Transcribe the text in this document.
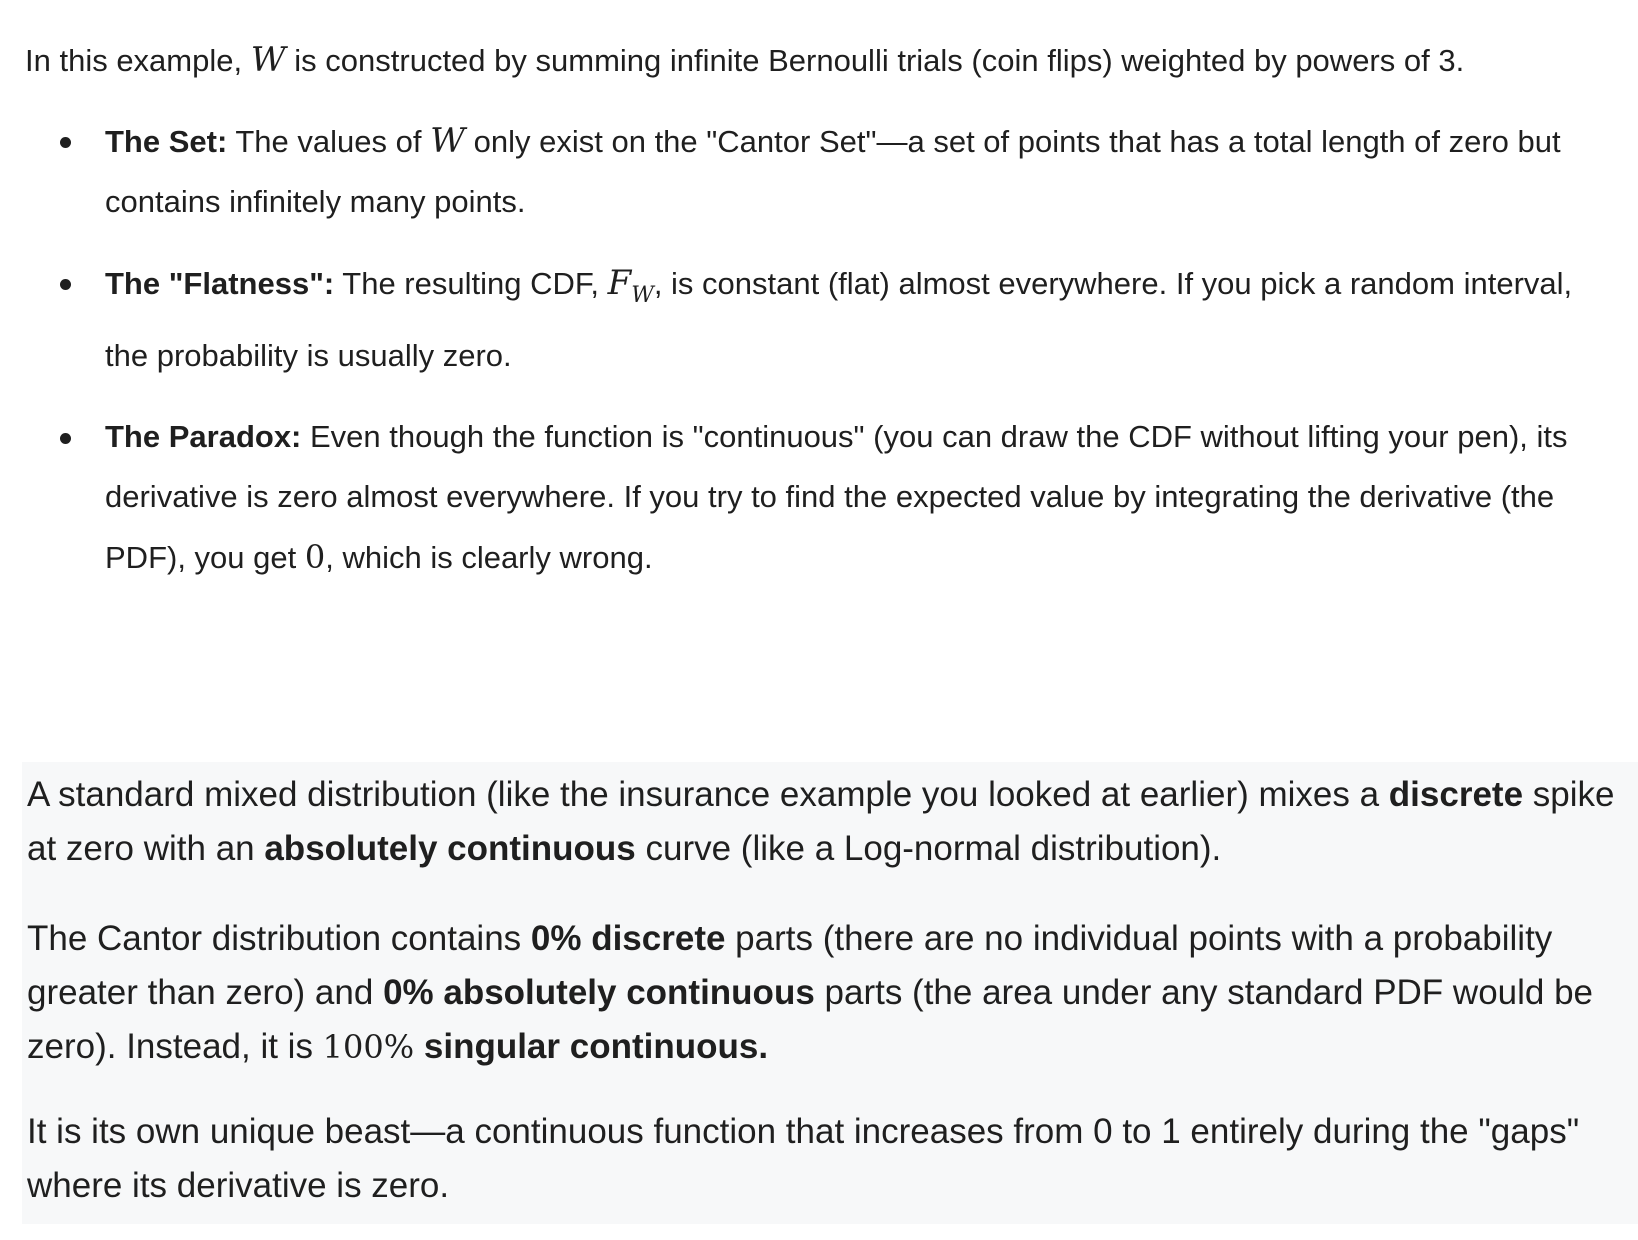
In this example, W is constructed by summing infinite Bernoulli trials (coin flips) weighted by powers of 3.

The Set: The values of W only exist on the "Cantor Set"—a set of points that has a total length of zero but contains infinitely many points.
The "Flatness": The resulting CDF, $F_W$, is constant (flat) almost everywhere. If you pick a random interval, the probability is usually zero.
The Paradox: Even though the function is "continuous" (you can draw the CDF without lifting your pen), its derivative is zero almost everywhere. If you try to find the expected value by integrating the derivative (the PDF), you get 0, which is clearly wrong.

A standard mixed distribution (like the insurance example you looked at earlier) mixes a discrete spike at zero with an absolutely continuous curve (like a Log-normal distribution).

The Cantor distribution contains 0% discrete parts (there are no individual points with a probability greater than zero) and 0% absolutely continuous parts (the area under any standard PDF would be zero). Instead, it is 100% singular continuous.

It is its own unique beast—a continuous function that increases from 0 to 1 entirely during the "gaps" where its derivative is zero.
